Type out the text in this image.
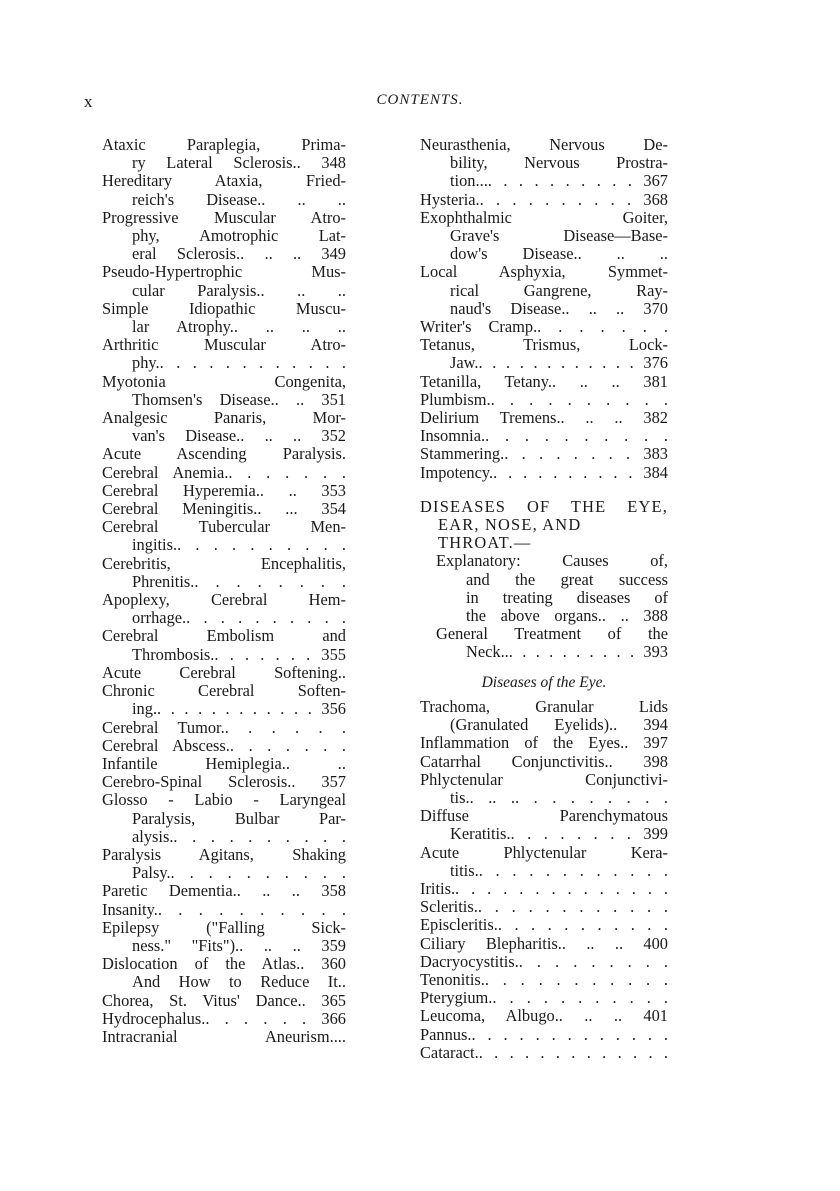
x	CONTENTS.
Ataxic Paraplegia, Prima-
ry Lateral Sclerosis.. 348
Hereditary Ataxia, Fried-
reich's Disease.. .. ..
Progressive Muscular Atro-
phy, Amotrophic Lat-
eral Sclerosis.. .. .. 349
Pseudo-Hypertrophic Mus-
cular Paralysis.. .. ..
Simple Idiopathic Muscu-
lar Atrophy.. .. .. ..
Arthritic Muscular Atro-
phy.. . . . . . . . . . . .
Myotonia Congenita,
Thomsen's Disease.. .. 351
Analgesic Panaris, Mor-
van's Disease.. .. .. 352
Acute Ascending Paralysis.
Cerebral Anemia.. . . . . . .
Cerebral Hyperemia.. .. 353
Cerebral Meningitis.. ... 354
Cerebral Tubercular Men-
ingitis.. . . . . . . . . .
Cerebritis, Encephalitis,
Phrenitis.. . . . . . . .
Apoplexy, Cerebral Hem-
orrhage.. . . . . . . . . .
Cerebral Embolism and
Thrombosis.. . . . . . . 355
Acute Cerebral Softening..
Chronic Cerebral Soften-
ing.. . . . . . . . . . . . 356
Cerebral Tumor.. . . . . .
Cerebral Abscess.. . . . . . .
Infantile Hemiplegia.. ..
Cerebro-Spinal Sclerosis.. 357
Glosso - Labio - Laryngeal
Paralysis, Bulbar Par-
alysis.. . . . . . . . . .
Paralysis Agitans, Shaking
Palsy.. . . . . . . . . .
Paretic Dementia.. .. .. 358
Insanity.. . . . . . . . . .
Epilepsy ("Falling Sick-
ness." "Fits").. .. .. 359
Dislocation of the Atlas.. 360
And How to Reduce It..
Chorea, St. Vitus' Dance.. 365
Hydrocephalus.. . . . . . 366
Intracranial Aneurism....
Neurasthenia, Nervous De-
bility, Nervous Prostra-
tion.... . . . . . . . . . 367
Hysteria.. . . . . . . . . . 368
Exophthalmic Goiter,
Grave's Disease—Base-
dow's Disease.. .. ..
Local Asphyxia, Symmet-
rical Gangrene, Ray-
naud's Disease.. .. .. 370
Writer's Cramp.. . . . . . .
Tetanus, Trismus, Lock-
Jaw.. . . . . . . . . . . . 376
Tetanilla, Tetany.. .. .. 381
Plumbism.. . . . . . . . . .
Delirium Tremens.. .. .. 382
Insomnia.. . . . . . . . . .
Stammering.. . . . . . . . 383
Impotency.. . . . . . . . . . 384
DISEASES OF THE EYE,
EAR, NOSE, AND
THROAT.—
Explanatory: Causes of,
and the great success
in treating diseases of
the above organs.. .. 388
General Treatment of the
Neck... . . . . . . . . . 393
Diseases of the Eye.
Trachoma, Granular Lids
(Granulated Eyelids).. 394
Inflammation of the Eyes.. 397
Catarrhal Conjunctivitis.. 398
Phlyctenular Conjunctivi-
tis.. .. .. . . . . . . . .
Diffuse Parenchymatous
Keratitis.. . . . . . . . 399
Acute Phlyctenular Kera-
titis.. . . . . . . . . . . .
Iritis.. . . . . . . . . . . . . .
Scleritis.. . . . . . . . . . . .
Episcleritis.. . . . . . . . . . .
Ciliary Blepharitis.. .. .. 400
Dacryocystitis.. . . . . . . . .
Tenonitis.. . . . . . . . . . .
Pterygium.. . . . . . . . . . .
Leucoma, Albugo.. .. .. 401
Pannus.. . . . . . . . . . . . .
Cataract.. . . . . . . . . . . . .
